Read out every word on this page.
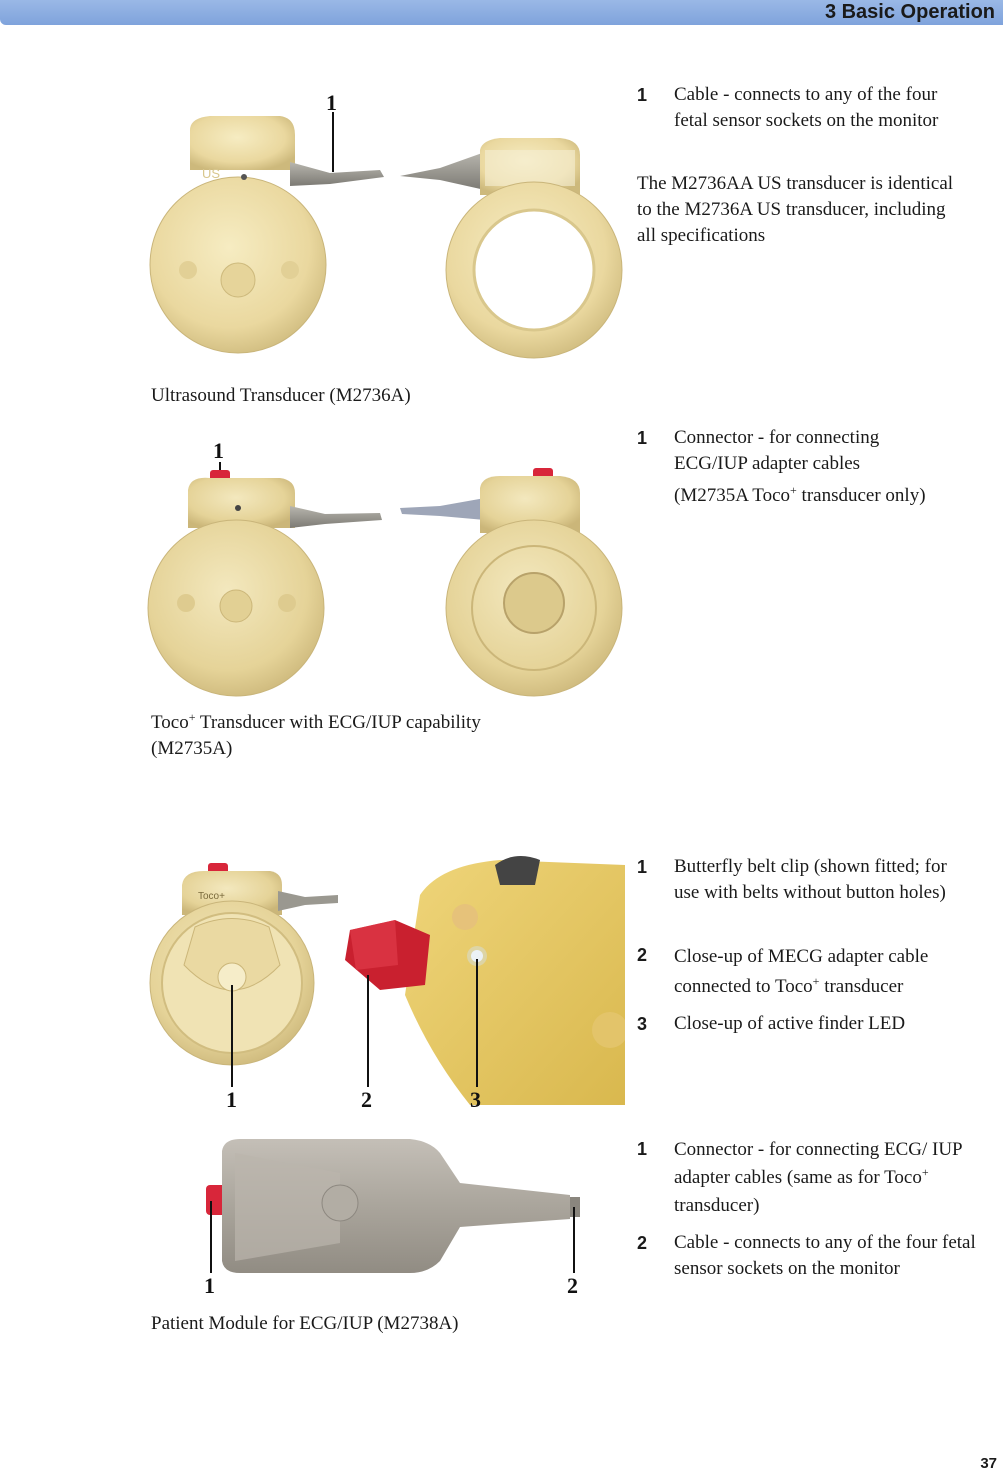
3 Basic Operation
US
1	1 Cable - connects to any of the four fetal sensor sockets on the monitor
The M2736AA US transducer is identical to the M2736A US transducer, including all specifications
Ultrasound Transducer (M2736A)
1	1 Connector - for connecting
ECG/IUP adapter cables
(M2735A Toco+ transducer only)
Toco+ Transducer with ECG/IUP capability
(M2735A)
Toco+
1	2	3
1 Butterfly belt clip (shown fitted; for use with belts without button holes)
2 Close-up of MECG adapter cable connected to Toco+ transducer
3 Close-up of active finder LED
1	2
1 Connector - for connecting ECG/ IUP adapter cables (same as for Toco+ transducer)
2 Cable - connects to any of the four fetal sensor sockets on the monitor
Patient Module for ECG/IUP (M2738A)
37
